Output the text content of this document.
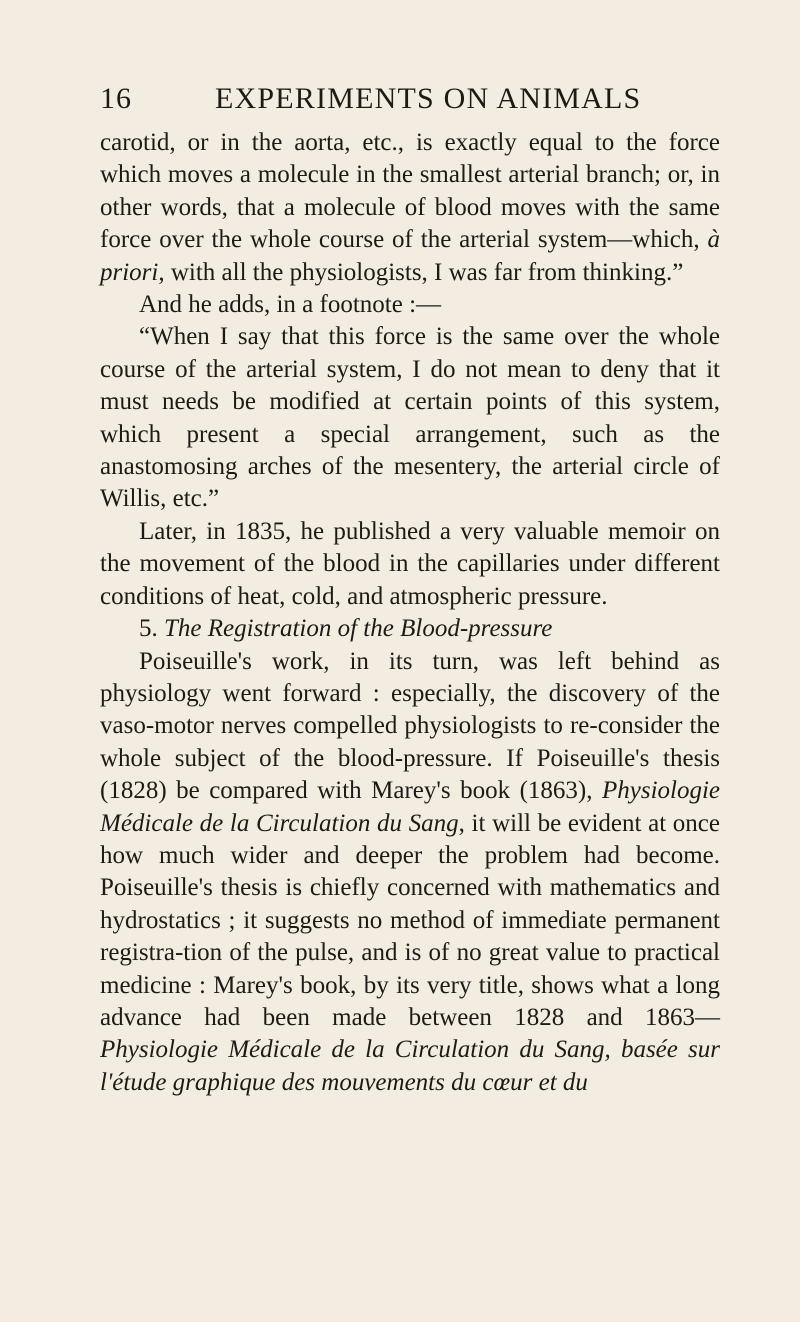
16	EXPERIMENTS ON ANIMALS

carotid, or in the aorta, etc., is exactly equal to the force which moves a molecule in the smallest arterial branch; or, in other words, that a molecule of blood moves with the same force over the whole course of the arterial system—which, à priori, with all the physiologists, I was far from thinking.”

And he adds, in a footnote :—

“When I say that this force is the same over the whole course of the arterial system, I do not mean to deny that it must needs be modified at certain points of this system, which present a special arrangement, such as the anastomosing arches of the mesentery, the arterial circle of Willis, etc.”

Later, in 1835, he published a very valuable memoir on the movement of the blood in the capillaries under different conditions of heat, cold, and atmospheric pressure.

5. The Registration of the Blood-pressure

Poiseuille's work, in its turn, was left behind as physiology went forward : especially, the discovery of the vaso-motor nerves compelled physiologists to re-consider the whole subject of the blood-pressure. If Poiseuille's thesis (1828) be compared with Marey's book (1863), Physiologie Médicale de la Circulation du Sang, it will be evident at once how much wider and deeper the problem had become. Poiseuille's thesis is chiefly concerned with mathematics and hydrostatics ; it suggests no method of immediate permanent registra-tion of the pulse, and is of no great value to practical medicine : Marey's book, by its very title, shows what a long advance had been made between 1828 and 1863—Physiologie Médicale de la Circulation du Sang, basée sur l'étude graphique des mouvements du cœur et du
